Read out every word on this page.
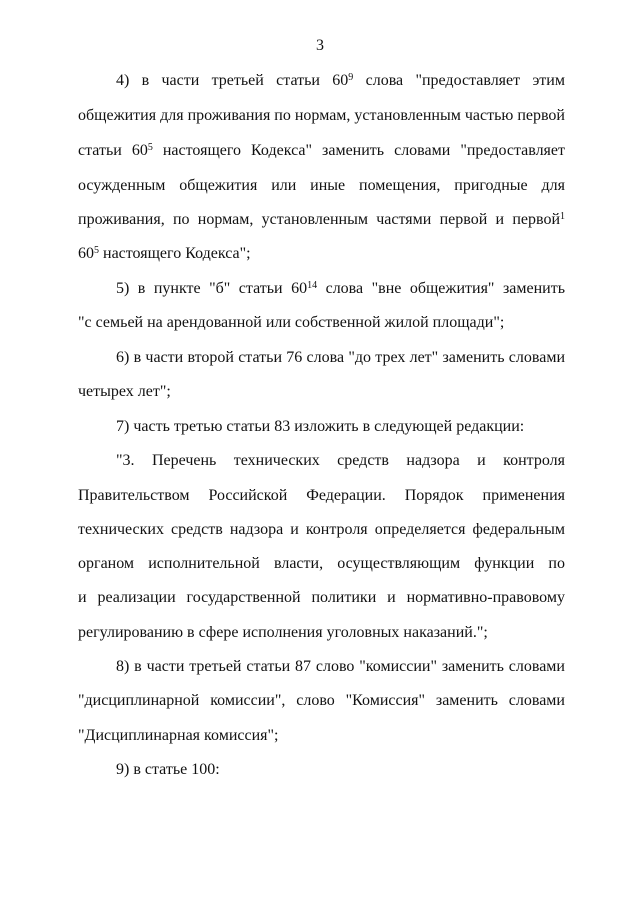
3
4) в части третьей статьи $60^9$ слова "предоставляет этим
общежития для проживания по нормам, установленным частью первой
статьи $60^5$ настоящего Кодекса" заменить словами "предоставляет
осужденным общежития или иные помещения, пригодные для
проживания, по нормам, установленным частями первой и первой$^1$
$60^5$ настоящего Кодекса";
5) в пункте "б" статьи $60^{14}$ слова "вне общежития" заменить
"с семьей на арендованной или собственной жилой площади";
6) в части второй статьи 76 слова "до трех лет" заменить словами
четырех лет";
7) часть третью статьи 83 изложить в следующей редакции:
"3. Перечень технических средств надзора и контроля
Правительством Российской Федерации. Порядок применения
технических средств надзора и контроля определяется федеральным
органом исполнительной власти, осуществляющим функции по
и реализации государственной политики и нормативно-правовому
регулированию в сфере исполнения уголовных наказаний.";
8) в части третьей статьи 87 слово "комиссии" заменить словами
"дисциплинарной комиссии", слово "Комиссия" заменить словами
"Дисциплинарная комиссия";
9) в статье 100:
